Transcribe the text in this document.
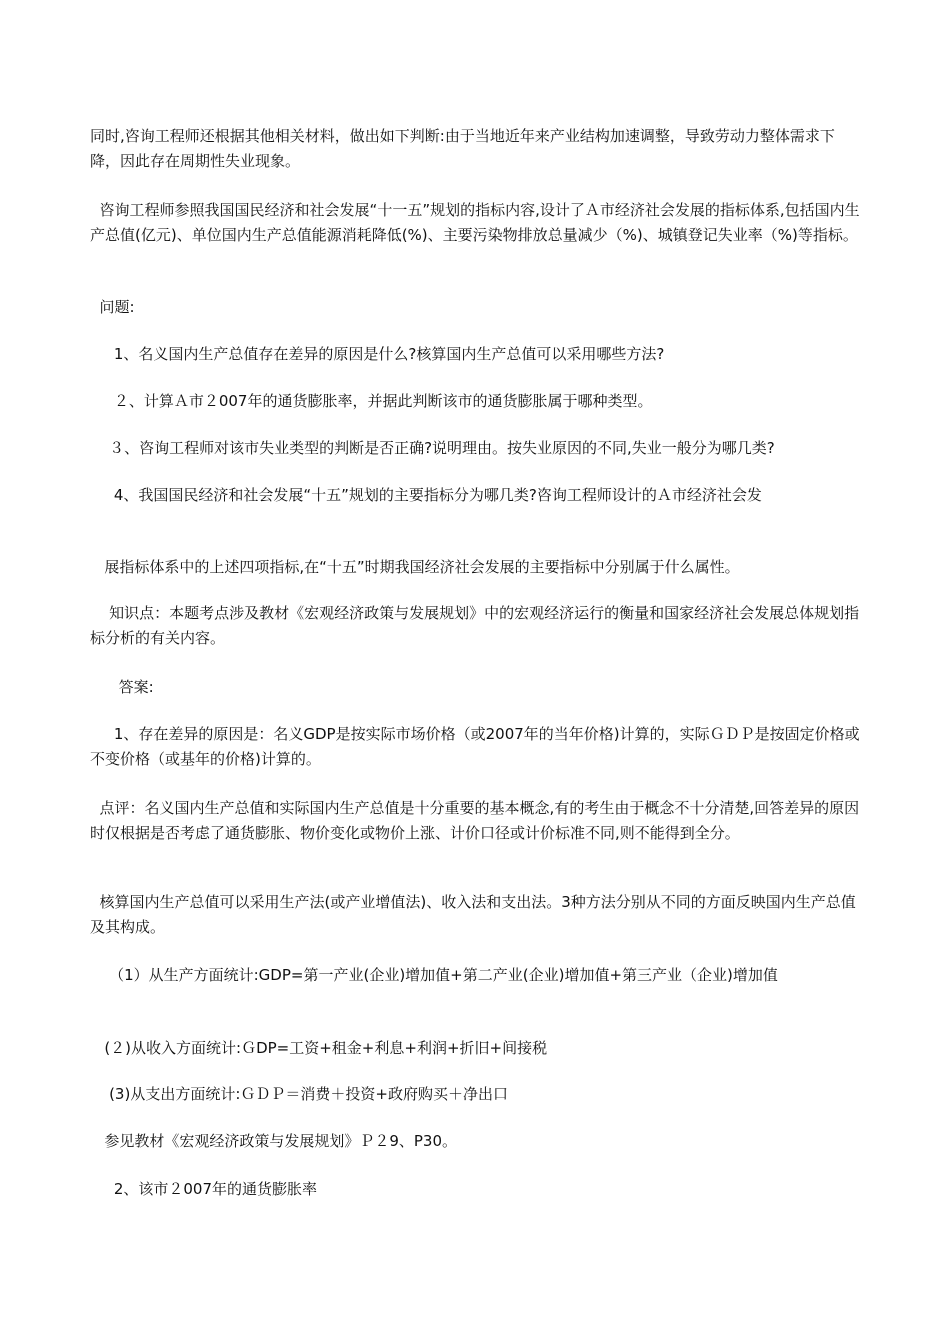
同时,咨询工程师还根据其他相关材料，做出如下判断:由于当地近年来产业结构加速调整，导致劳动力整体需求下降，因此存在周期性失业现象。

咨询工程师参照我国国民经济和社会发展“十一五”规划的指标内容,设计了Ａ市经济社会发展的指标体系,包括国内生产总值(亿元)、单位国内生产总值能源消耗降低(%)、主要污染物排放总量减少（%)、城镇登记失业率（%)等指标。

问题:

1、名义国内生产总值存在差异的原因是什么?核算国内生产总值可以采用哪些方法?

２、计算Ａ市２007年的通货膨胀率，并据此判断该市的通货膨胀属于哪种类型。

３、咨询工程师对该市失业类型的判断是否正确?说明理由。按失业原因的不同,失业一般分为哪几类?

4、我国国民经济和社会发展“十五”规划的主要指标分为哪几类?咨询工程师设计的Ａ市经济社会发

展指标体系中的上述四项指标,在“十五”时期我国经济社会发展的主要指标中分别属于什么属性。

知识点：本题考点涉及教材《宏观经济政策与发展规划》中的宏观经济运行的衡量和国家经济社会发展总体规划指标分析的有关内容。

答案:

1、存在差异的原因是：名义GDP是按实际市场价格（或2007年的当年价格)计算的，实际ＧＤＰ是按固定价格或不变价格（或基年的价格)计算的。

点评：名义国内生产总值和实际国内生产总值是十分重要的基本概念,有的考生由于概念不十分清楚,回答差异的原因时仅根据是否考虑了通货膨胀、物价变化或物价上涨、计价口径或计价标准不同,则不能得到全分。

核算国内生产总值可以采用生产法(或产业增值法)、收入法和支出法。3种方法分别从不同的方面反映国内生产总值及其构成。

（1）从生产方面统计:GDP=第一产业(企业)增加值+第二产业(企业)增加值+第三产业（企业)增加值

(２)从收入方面统计:ＧDP=工资+租金+利息+利润+折旧+间接税

(3)从支出方面统计:ＧＤＰ＝消费＋投资+政府购买＋净出口

参见教材《宏观经济政策与发展规划》Ｐ２9、P30。

2、该市２007年的通货膨胀率
